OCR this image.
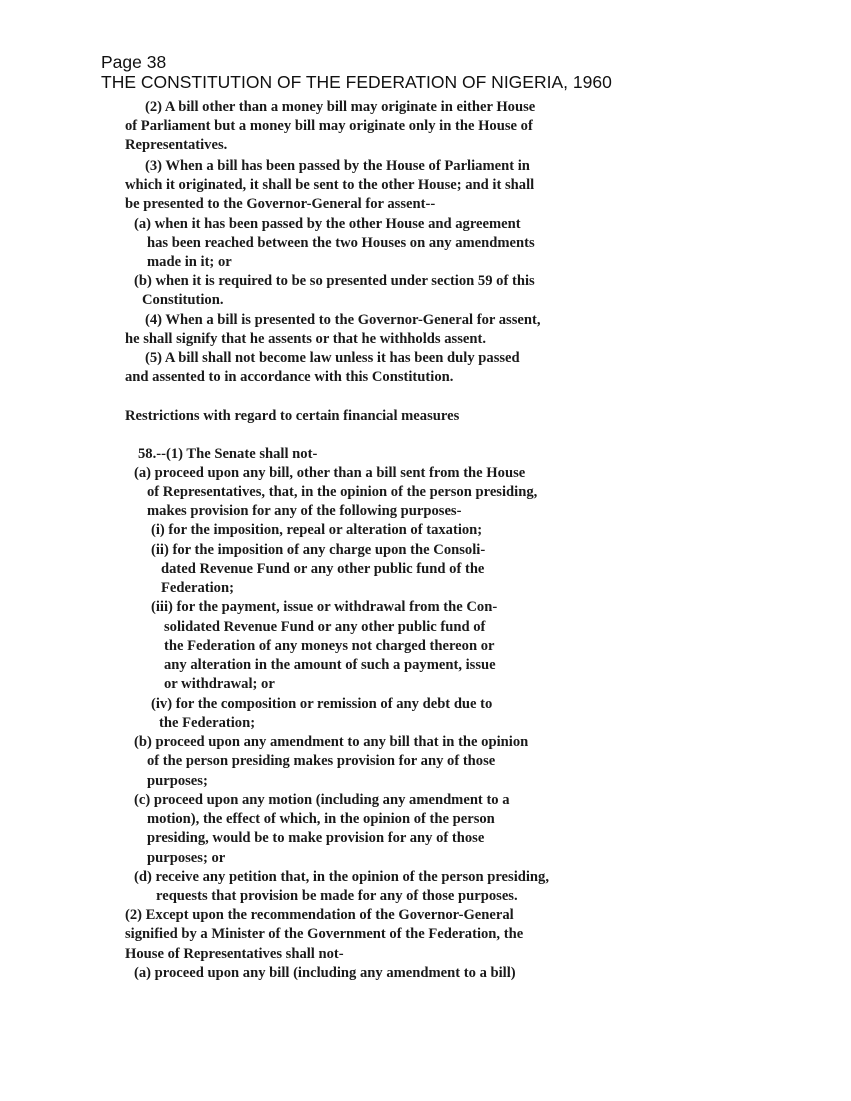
Page 38
THE CONSTITUTION OF THE FEDERATION OF NIGERIA, 1960
(2) A bill other than a money bill may originate in either House
of Parliament but a money bill may originate only in the House of
Representatives.
(3) When a bill has been passed by the House of Parliament in
which it originated, it shall be sent to the other House; and it shall
be presented to the Governor-General for assent--
(a) when it has been passed by the other House and agreement
has been reached between the two Houses on any amendments
made in it; or
(b) when it is required to be so presented under section 59 of this
Constitution.
(4) When a bill is presented to the Governor-General for assent,
he shall signify that he assents or that he withholds assent.
(5) A bill shall not become law unless it has been duly passed
and assented to in accordance with this Constitution.
Restrictions with regard to certain financial measures
58.--(1) The Senate shall not-
(a) proceed upon any bill, other than a bill sent from the House
of Representatives, that, in the opinion of the person presiding,
makes provision for any of the following purposes-
(i) for the imposition, repeal or alteration of taxation;
(ii) for the imposition of any charge upon the Consoli-
dated Revenue Fund or any other public fund of the
Federation;
(iii) for the payment, issue or withdrawal from the Con-
solidated Revenue Fund or any other public fund of
the Federation of any moneys not charged thereon or
any alteration in the amount of such a payment, issue
or withdrawal; or
(iv) for the composition or remission of any debt due to
the Federation;
(b) proceed upon any amendment to any bill that in the opinion
of the person presiding makes provision for any of those
purposes;
(c) proceed upon any motion (including any amendment to a
motion), the effect of which, in the opinion of the person
presiding, would be to make provision for any of those
purposes; or
(d) receive any petition that, in the opinion of the person presiding,
requests that provision be made for any of those purposes.
(2) Except upon the recommendation of the Governor-General
signified by a Minister of the Government of the Federation, the
House of Representatives shall not-
(a) proceed upon any bill (including any amendment to a bill)
